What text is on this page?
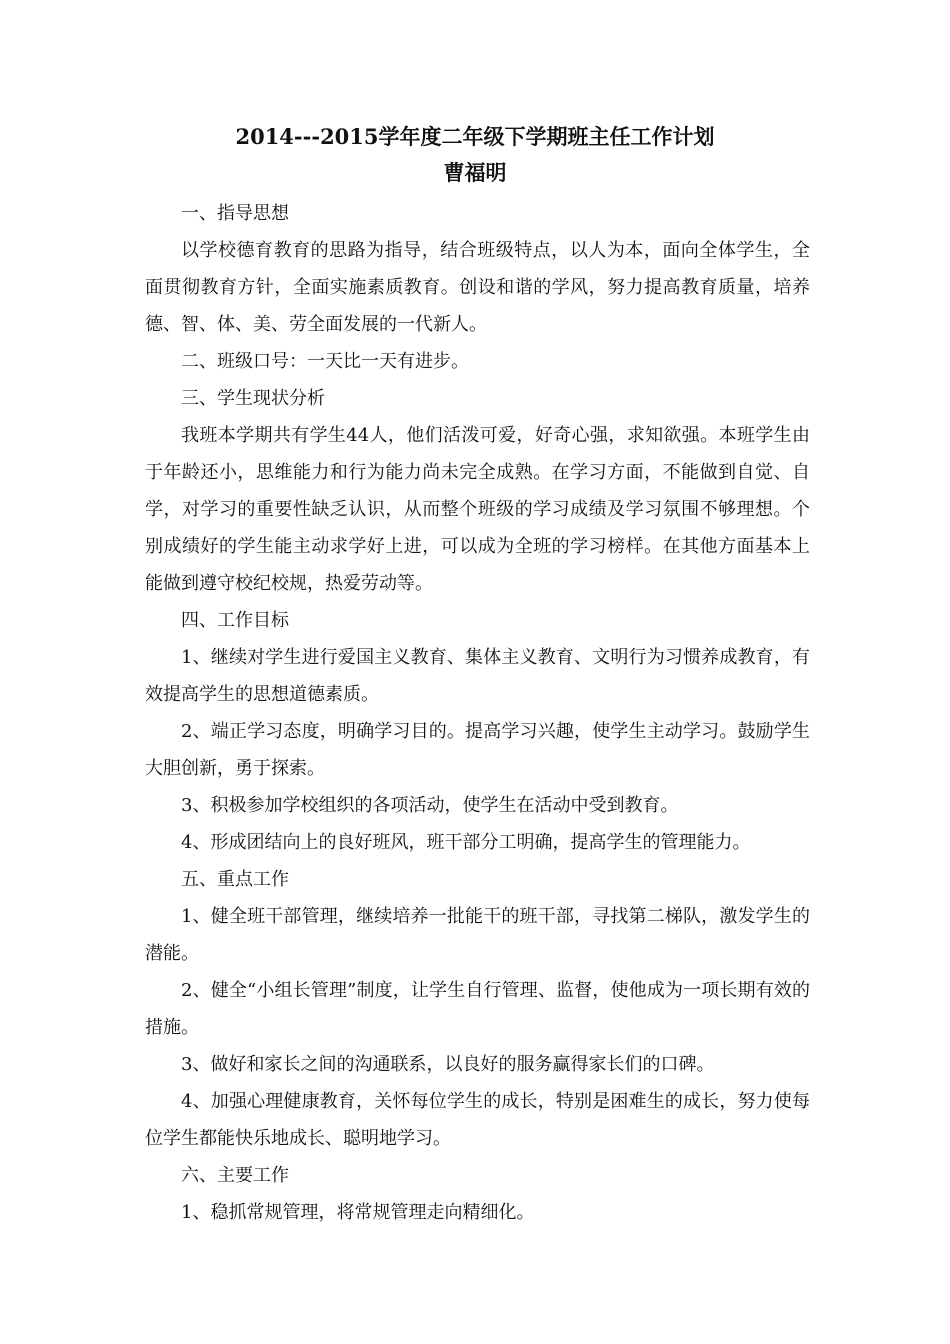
2014---2015学年度二年级下学期班主任工作计划
曹福明

一、指导思想

以学校德育教育的思路为指导，结合班级特点，以人为本，面向全体学生，全面贯彻教育方针，全面实施素质教育。创设和谐的学风，努力提高教育质量，培养德、智、体、美、劳全面发展的一代新人。

二、班级口号：一天比一天有进步。

三、学生现状分析

我班本学期共有学生44人，他们活泼可爱，好奇心强，求知欲强。本班学生由于年龄还小，思维能力和行为能力尚未完全成熟。在学习方面，不能做到自觉、自学，对学习的重要性缺乏认识，从而整个班级的学习成绩及学习氛围不够理想。个别成绩好的学生能主动求学好上进，可以成为全班的学习榜样。在其他方面基本上能做到遵守校纪校规，热爱劳动等。

四、工作目标

1、继续对学生进行爱国主义教育、集体主义教育、文明行为习惯养成教育，有效提高学生的思想道德素质。

2、端正学习态度，明确学习目的。提高学习兴趣，使学生主动学习。鼓励学生大胆创新，勇于探索。

3、积极参加学校组织的各项活动，使学生在活动中受到教育。

4、形成团结向上的良好班风，班干部分工明确，提高学生的管理能力。

五、重点工作

1、健全班干部管理，继续培养一批能干的班干部，寻找第二梯队，激发学生的潜能。

2、健全“小组长管理”制度，让学生自行管理、监督，使他成为一项长期有效的措施。

3、做好和家长之间的沟通联系，以良好的服务赢得家长们的口碑。

4、加强心理健康教育，关怀每位学生的成长，特别是困难生的成长，努力使每位学生都能快乐地成长、聪明地学习。

六、主要工作

1、稳抓常规管理，将常规管理走向精细化。
